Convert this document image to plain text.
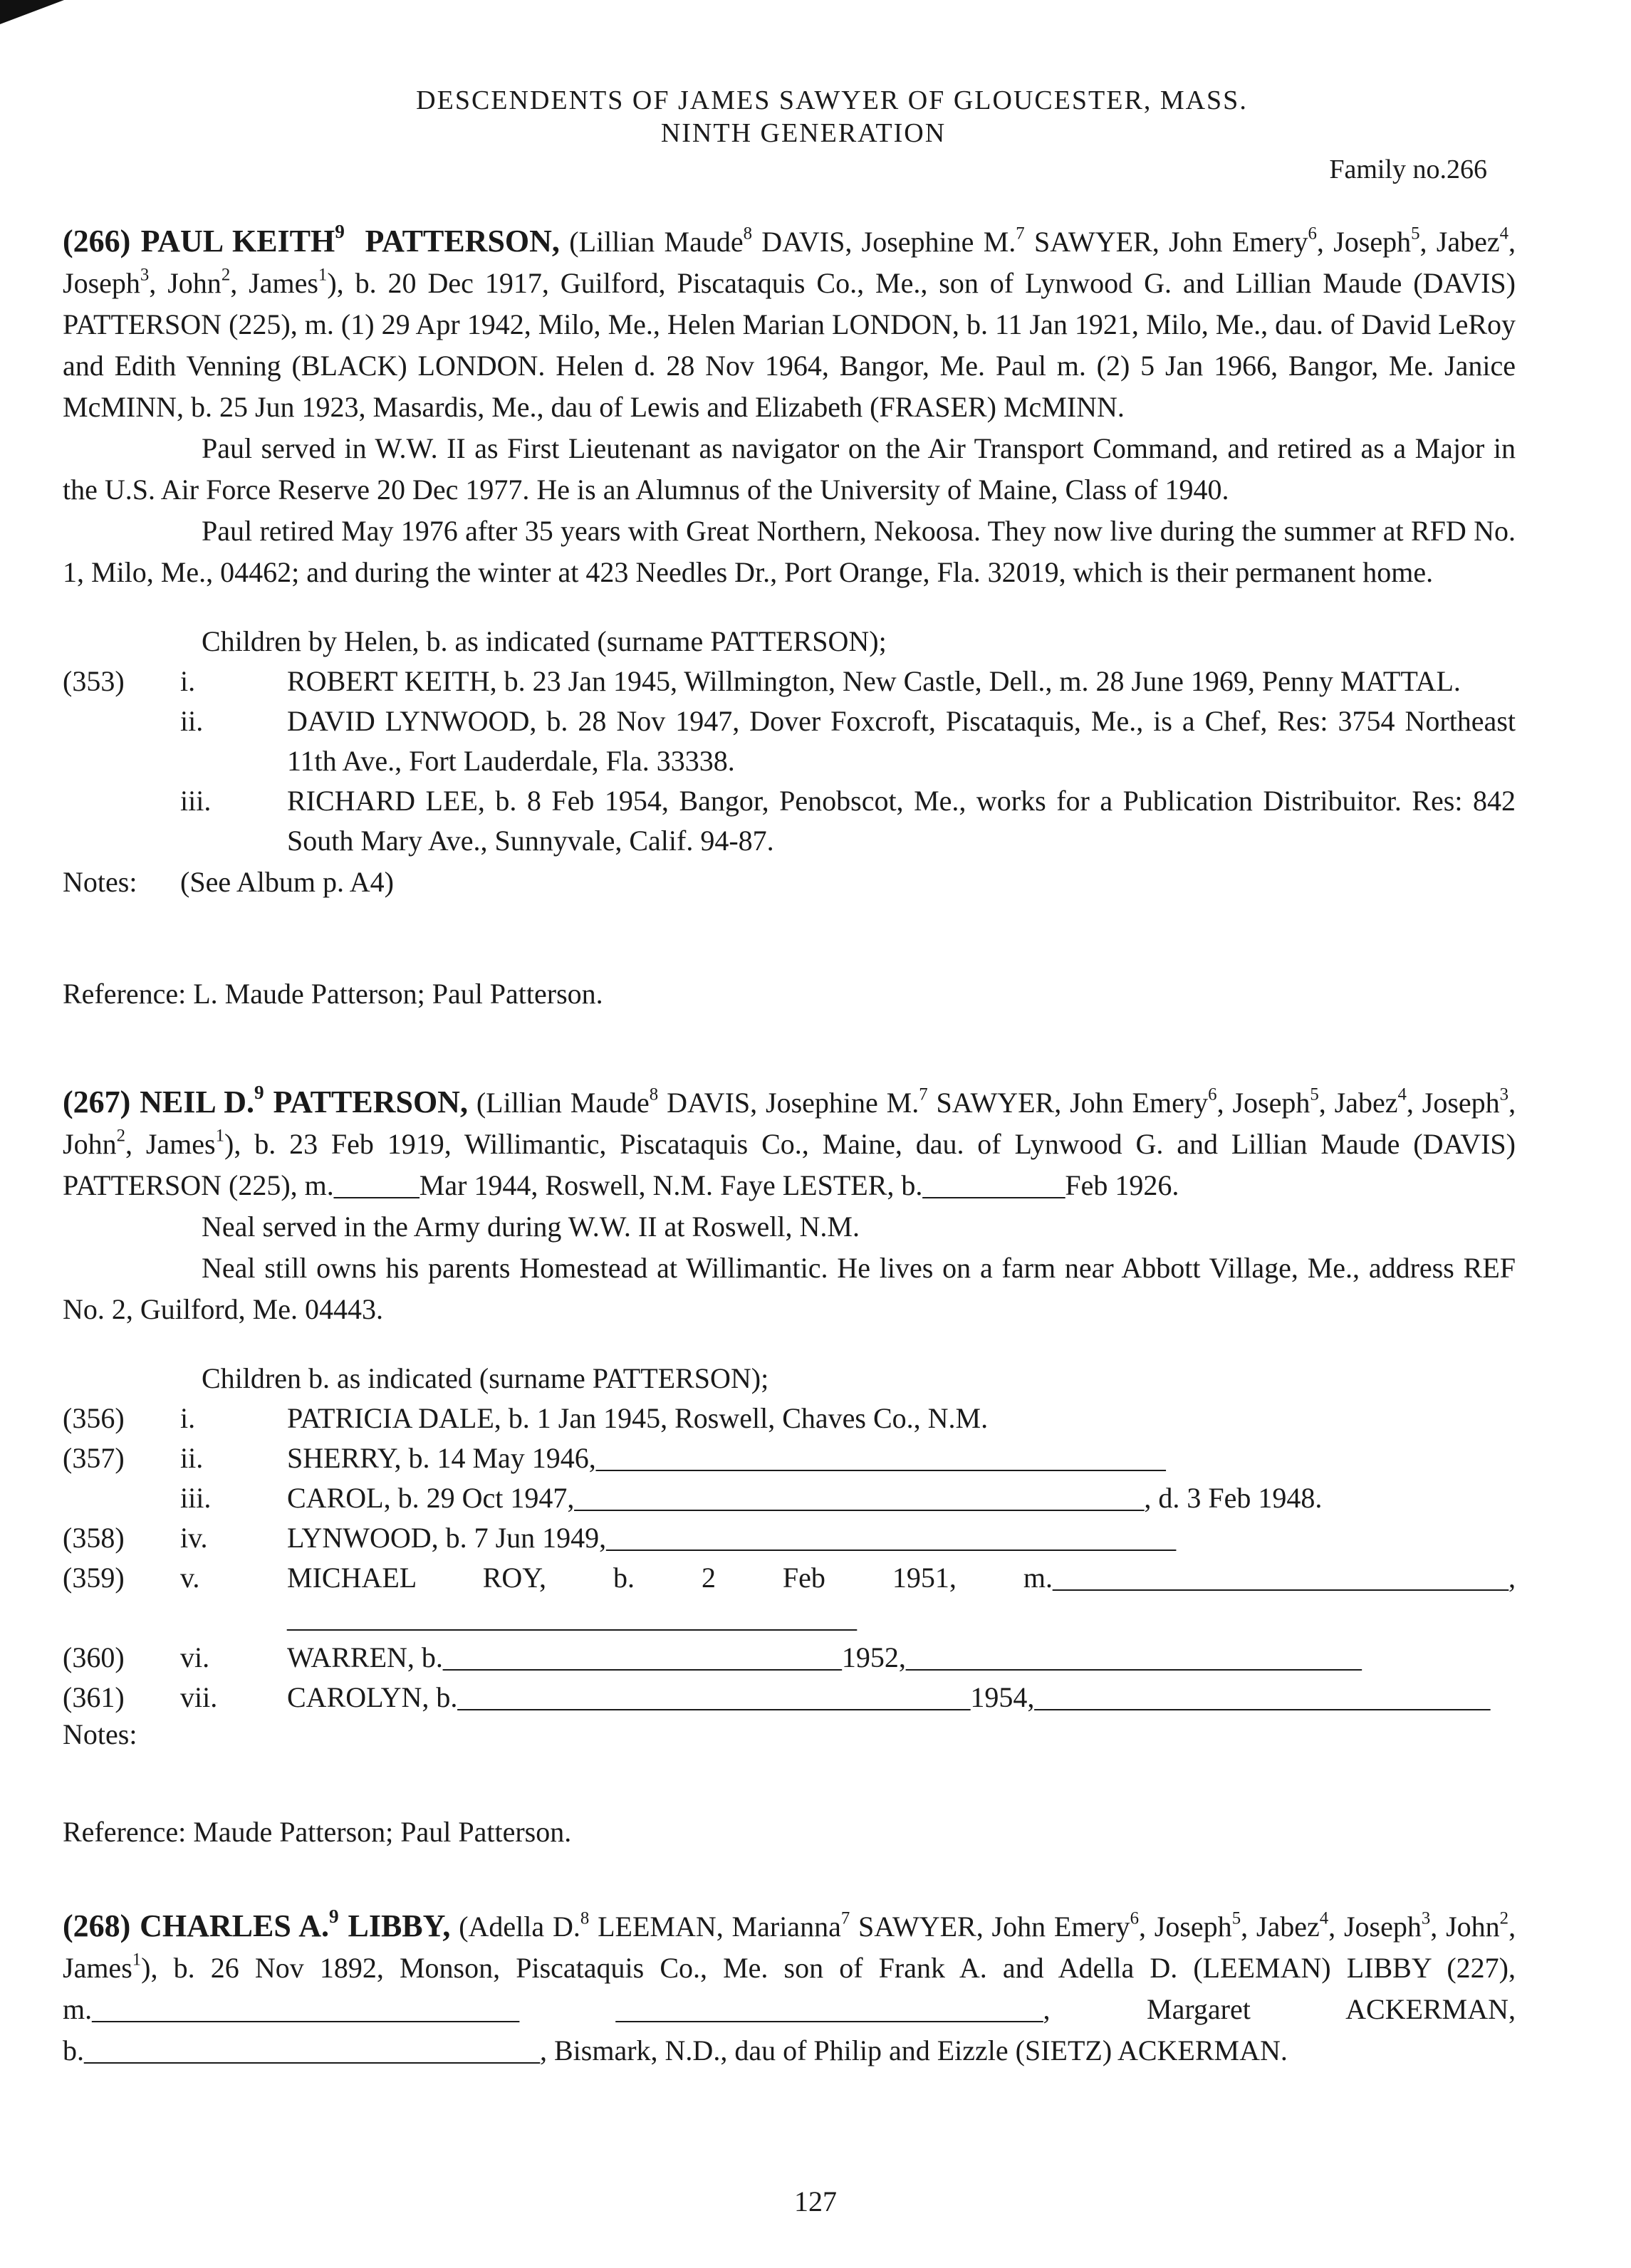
DESCENDENTS OF JAMES SAWYER OF GLOUCESTER, MASS.
NINTH GENERATION
Family no.266

(266) PAUL KEITH$^9$ PATTERSON, (Lillian Maude$^8$ DAVIS, Josephine M.$^7$ SAWYER, John Emery$^6$, Joseph$^5$, Jabez$^4$, Joseph$^3$, John$^2$, James$^1$), b. 20 Dec 1917, Guilford, Piscataquis Co., Me., son of Lynwood G. and Lillian Maude (DAVIS) PATTERSON (225), m. (1) 29 Apr 1942, Milo, Me., Helen Marian LONDON, b. 11 Jan 1921, Milo, Me., dau. of David LeRoy and Edith Venning (BLACK) LONDON. Helen d. 28 Nov 1964, Bangor, Me. Paul m. (2) 5 Jan 1966, Bangor, Me. Janice McMINN, b. 25 Jun 1923, Masardis, Me., dau of Lewis and Elizabeth (FRASER) McMINN.

Paul served in W.W. II as First Lieutenant as navigator on the Air Transport Command, and retired as a Major in the U.S. Air Force Reserve 20 Dec 1977. He is an Alumnus of the University of Maine, Class of 1940.

Paul retired May 1976 after 35 years with Great Northern, Nekoosa. They now live during the summer at RFD No. 1, Milo, Me., 04462; and during the winter at 423 Needles Dr., Port Orange, Fla. 32019, which is their permanent home.

Children by Helen, b. as indicated (surname PATTERSON);

(353)	i.	ROBERT KEITH, b. 23 Jan 1945, Willmington, New Castle, Dell., m. 28 June 1969, Penny MATTAL.
ii.	DAVID LYNWOOD, b. 28 Nov 1947, Dover Foxcroft, Piscataquis, Me., is a Chef, Res: 3754 Northeast 11th Ave., Fort Lauderdale, Fla. 33338.
iii.	RICHARD LEE, b. 8 Feb 1954, Bangor, Penobscot, Me., works for a Publication Distribuitor. Res: 842 South Mary Ave., Sunnyvale, Calif. 94-87.
Notes: (See Album p. A4)
Reference: L. Maude Patterson; Paul Patterson.

(267) NEIL D.$^9$ PATTERSON, (Lillian Maude$^8$ DAVIS, Josephine M.$^7$ SAWYER, John Emery$^6$, Joseph$^5$, Jabez$^4$, Joseph$^3$, John$^2$, James$^1$), b. 23 Feb 1919, Willimantic, Piscataquis Co., Maine, dau. of Lynwood G. and Lillian Maude (DAVIS) PATTERSON (225), m.______Mar 1944, Roswell, N.M. Faye LESTER, b.__________Feb 1926.

Neal served in the Army during W.W. II at Roswell, N.M.

Neal still owns his parents Homestead at Willimantic. He lives on a farm near Abbott Village, Me., address REF No. 2, Guilford, Me. 04443.

Children b. as indicated (surname PATTERSON);

(356)	i.	PATRICIA DALE, b. 1 Jan 1945, Roswell, Chaves Co., N.M.
(357)	ii.	SHERRY, b. 14 May 1946,________________________________________
iii.	CAROL, b. 29 Oct 1947,________________________________________, d. 3 Feb 1948.
(358)	iv.	LYNWOOD, b. 7 Jun 1949,________________________________________
(359)	v.	MICHAEL ROY, b. 2 Feb 1951, m.________________________________, ________________________________________
(360)	vi.	WARREN, b.____________________________1952,________________________________
(361)	vii.	CAROLYN, b.____________________________________1954,________________________________
Notes:
Reference: Maude Patterson; Paul Patterson.

(268) CHARLES A.$^9$ LIBBY, (Adella D.$^8$ LEEMAN, Marianna$^7$ SAWYER, John Emery$^6$, Joseph$^5$, Jabez$^4$, Joseph$^3$, John$^2$, James$^1$), b. 26 Nov 1892, Monson, Piscataquis Co., Me. son of Frank A. and Adella D. (LEEMAN) LIBBY (227), m.______________________________ ______________________________, Margaret ACKERMAN, b.________________________________, Bismark, N.D., dau of Philip and Eizzle (SIETZ) ACKERMAN.

127
